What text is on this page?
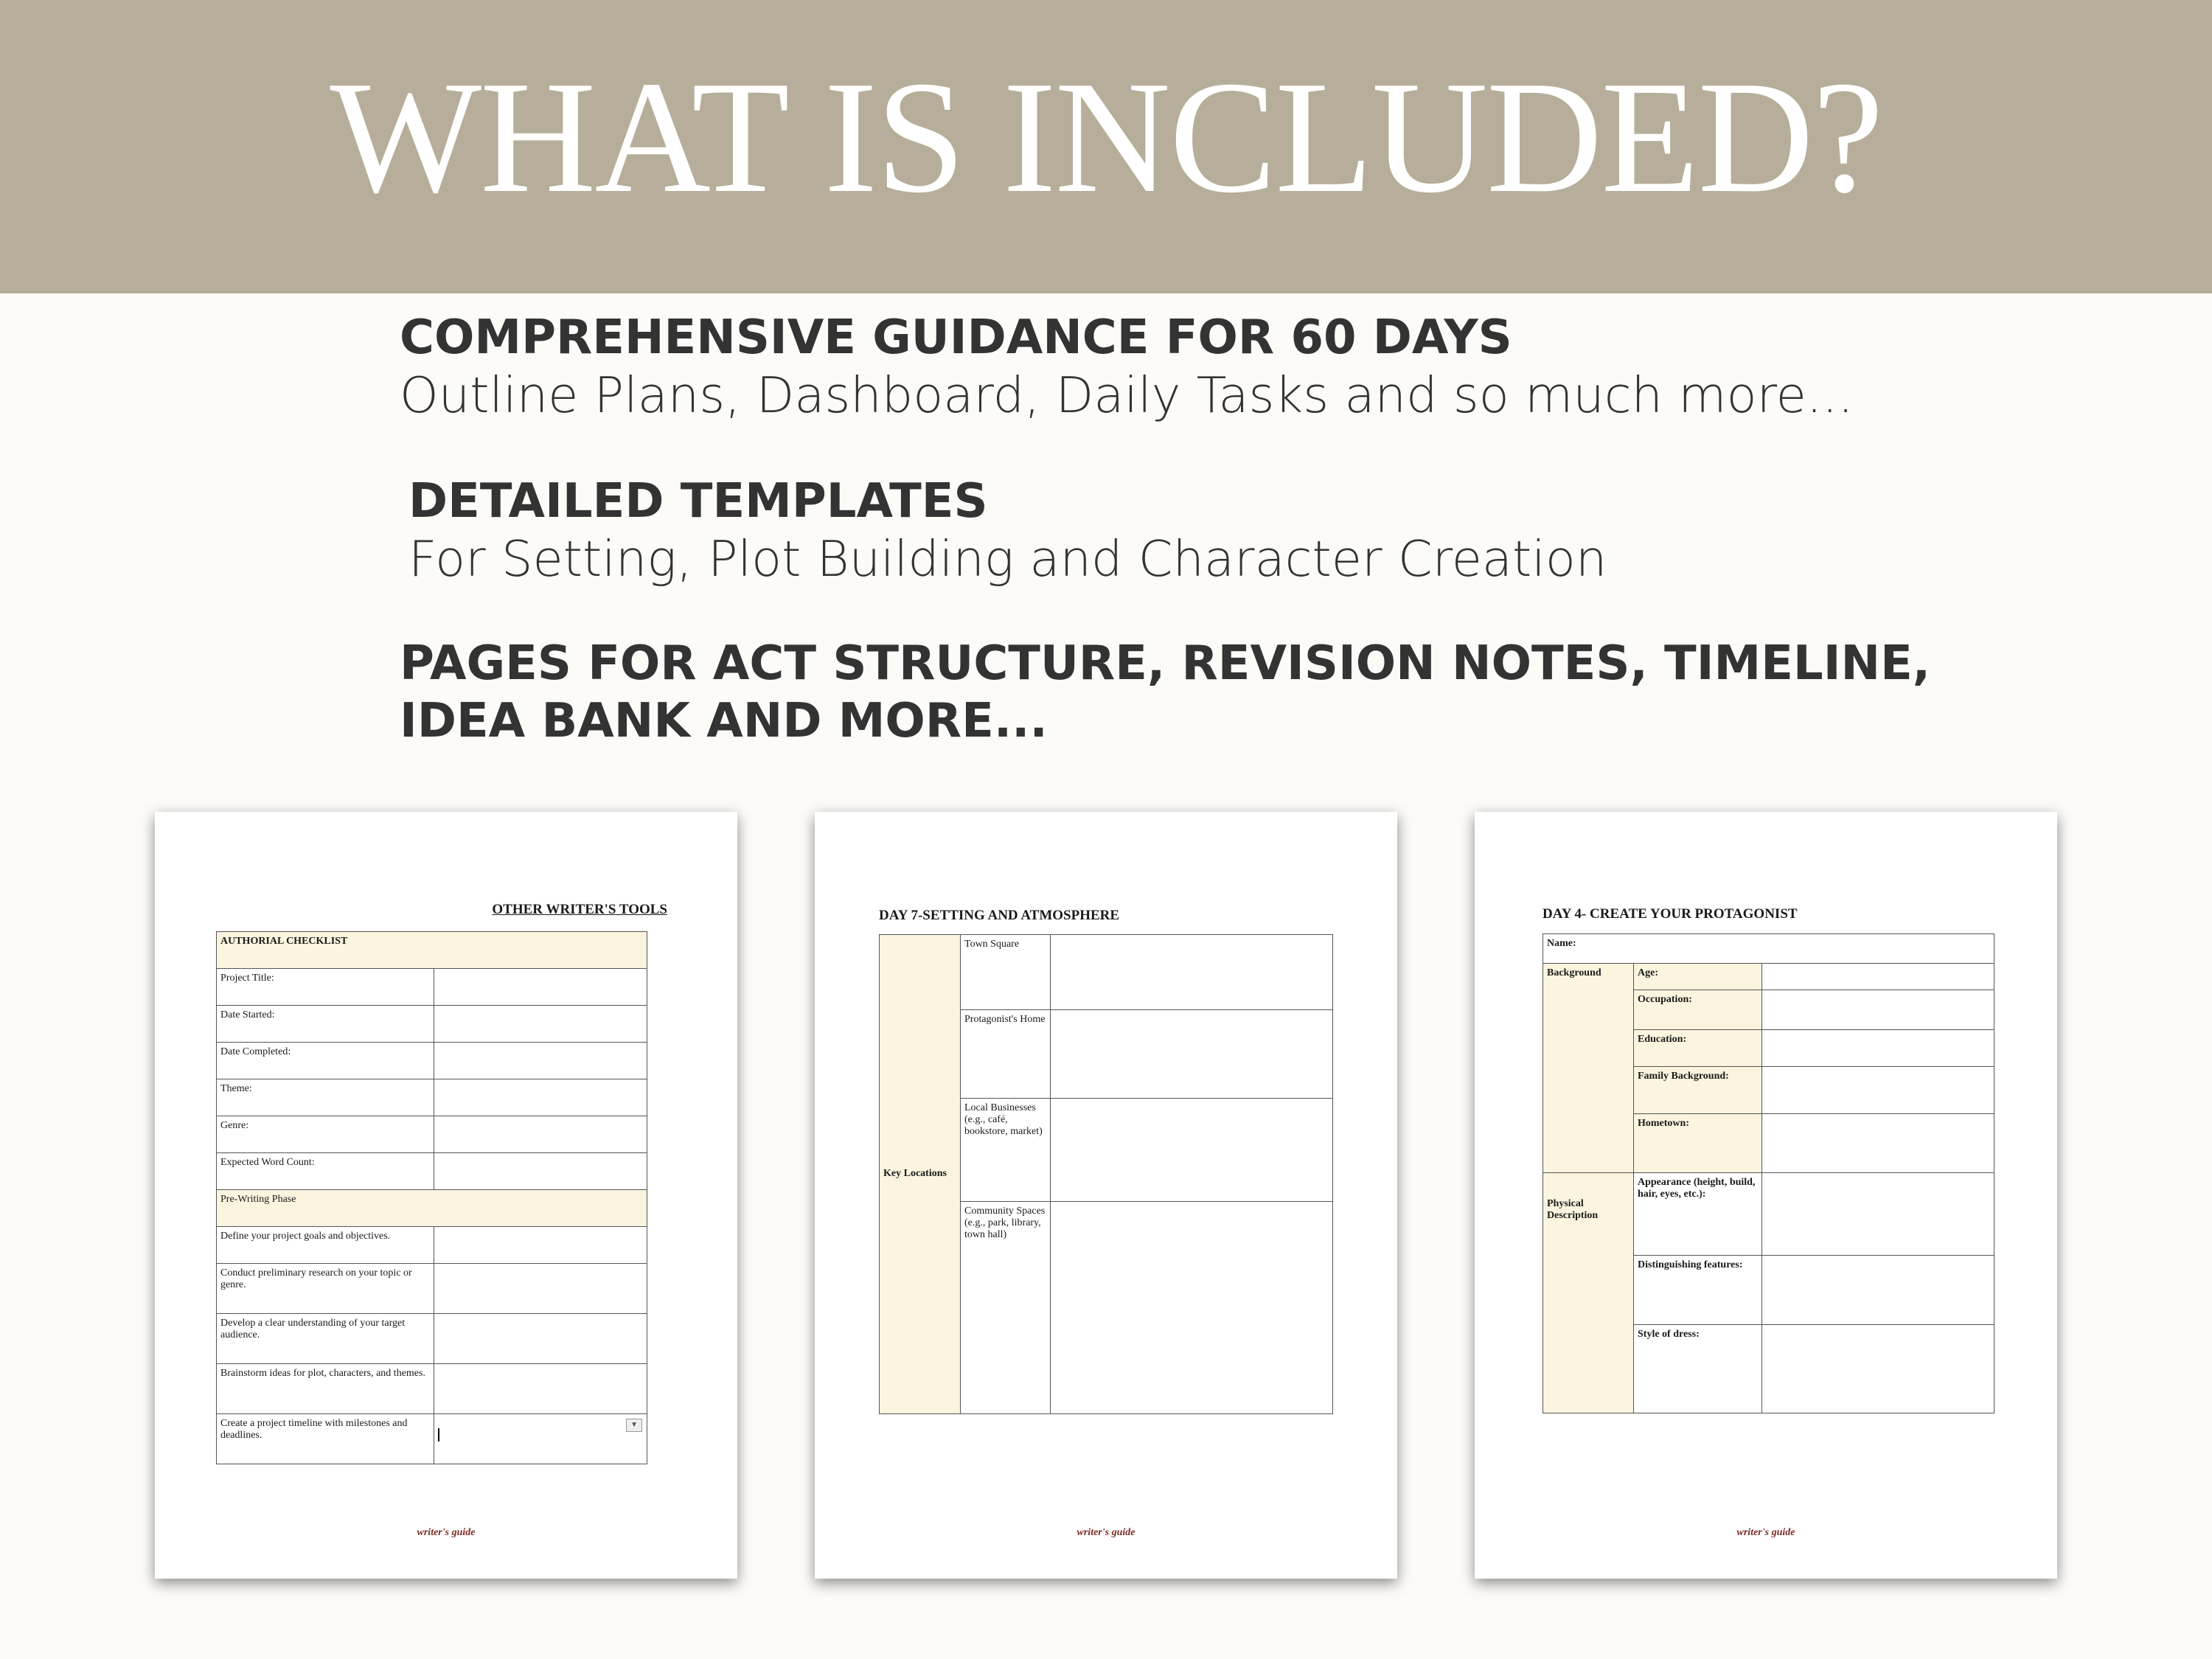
WHAT IS INCLUDED?
COMPREHENSIVE GUIDANCE FOR 60 DAYS
Outline Plans, Dashboard, Daily Tasks and so much more...
DETAILED TEMPLATES
For Setting, Plot Building and Character Creation
PAGES FOR ACT STRUCTURE, REVISION NOTES, TIMELINE,
IDEA BANK AND MORE...
OTHER WRITER'S TOOLS
AUTHORIAL CHECKLIST	
Project Title:	
Date Started:	
Date Completed:	
Theme:	
Genre:	
Expected Word Count:	
Pre-Writing Phase	
Define your project goals and objectives.	
Conduct preliminary research on your topic or genre.	
Develop a clear understanding of your target audience.	
Brainstorm ideas for plot, characters, and themes.	
Create a project timeline with milestones and deadlines.	▼
writer's guide
DAY 7-SETTING AND ATMOSPHERE
Key Locations	Town Square	
	Protagonist's Home	
	Local Businesses (e.g., café, bookstore, market)	
	Community Spaces (e.g., park, library, town hall)	
writer's guide
DAY 4- CREATE YOUR PROTAGONIST
Name:		
Background	Age:	
	Occupation:	
	Education:	
	Family Background:	
	Hometown:	
Physical Description	Appearance (height, build, hair, eyes, etc.):	
	Distinguishing features:	
	Style of dress:	
writer's guide
